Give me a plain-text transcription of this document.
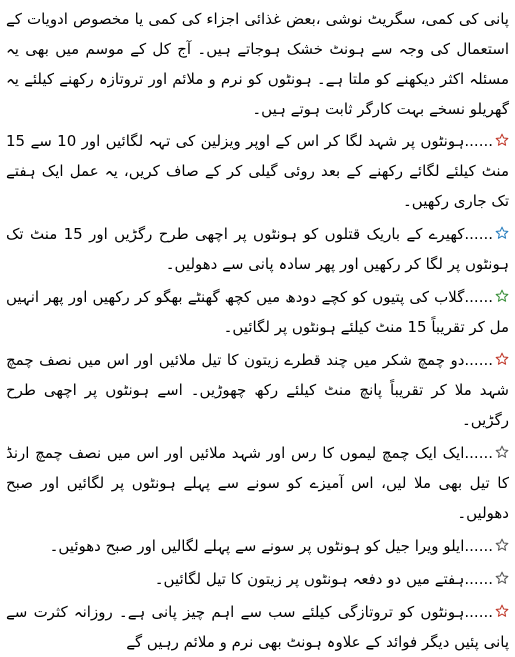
پانی کی کمی، سگریٹ نوشی ،بعض غذائی اجزاء کی کمی یا مخصوص ادویات کے استعمال کی وجہ سے ہونٹ خشک ہوجاتے ہیں۔ آج کل کے موسم میں بھی یہ مسئلہ اکثر دیکھنے کو ملتا ہے۔ ہونٹوں کو نرم و ملائم اور تروتازہ رکھنے کیلئے یہ گھریلو نسخے بہت کارگر ثابت ہوتے ہیں۔

......ہونٹوں پر شہد لگا کر اس کے اوپر ویزلین کی تہہ لگائیں اور 10 سے 15 منٹ کیلئے لگائے رکھنے کے بعد روئی گیلی کر کے صاف کریں، یہ عمل ایک ہفتے تک جاری رکھیں۔

......کھیرے کے باریک قتلوں کو ہونٹوں پر اچھی طرح رگڑیں اور 15 منٹ تک ہونٹوں پر لگا کر رکھیں اور پھر سادہ پانی سے دھولیں۔

......گلاب کی پتیوں کو کچے دودھ میں کچھ گھنٹے بھگو کر رکھیں اور پھر انہیں مل کر تقریباً 15 منٹ کیلئے ہونٹوں پر لگائیں۔

......دو چمچ شکر میں چند قطرے زیتون کا تیل ملائیں اور اس میں نصف چمچ شہد ملا کر تقریباً پانچ منٹ کیلئے رکھ چھوڑیں۔ اسے ہونٹوں پر اچھی طرح رگڑیں۔

......ایک ایک چمچ لیموں کا رس اور شہد ملائیں اور اس میں نصف چمچ ارنڈ کا تیل بھی ملا لیں، اس آمیزے کو سونے سے پہلے ہونٹوں پر لگائیں اور صبح دھولیں۔

......ایلو ویرا جیل کو ہونٹوں پر سونے سے پہلے لگالیں اور صبح دھوئیں۔

......ہفتے میں دو دفعہ ہونٹوں پر زیتون کا تیل لگائیں۔

......ہونٹوں کو تروتازگی کیلئے سب سے اہم چیز پانی ہے۔ روزانہ کثرت سے پانی پئیں دیگر فوائد کے علاوہ ہونٹ بھی نرم و ملائم رہیں گے
